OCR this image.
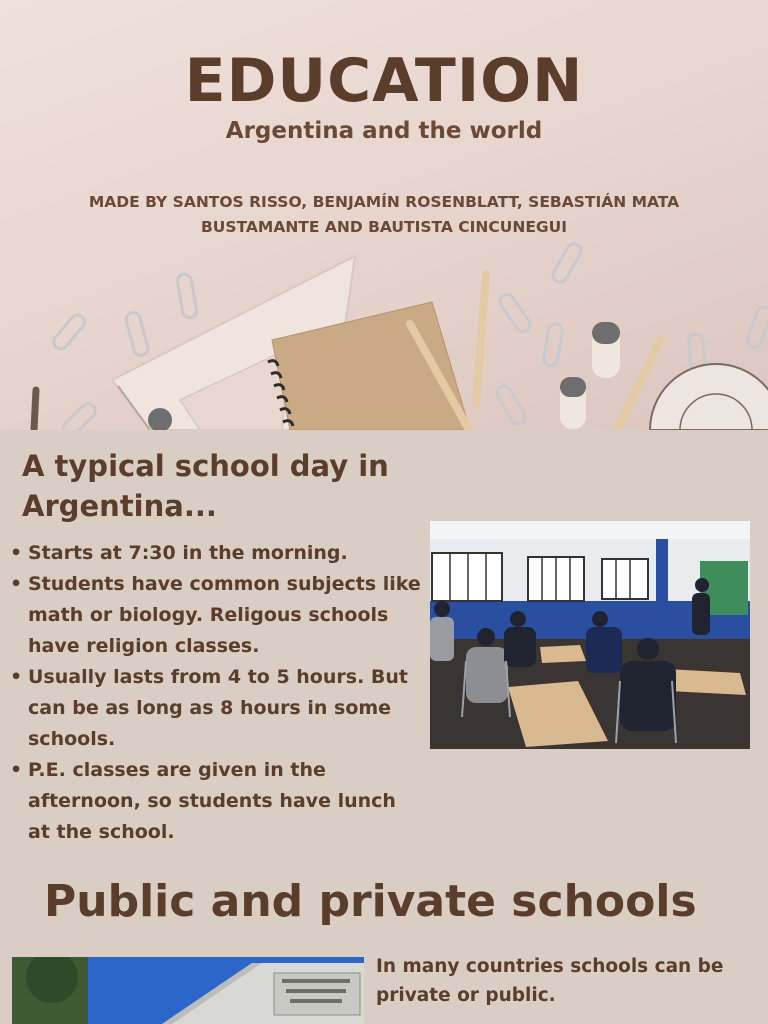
EDUCATION
Argentina and the world
MADE BY SANTOS RISSO, BENJAMÍN ROSENBLATT, SEBASTIÁN MATA BUSTAMANTE AND BAUTISTA CINCUNEGUI
A typical school day in Argentina...
• Starts at 7:30 in the morning.
• Students have common subjects like math or biology. Religous schools have religion classes.
• Usually lasts from 4 to 5 hours. But can be as long as 8 hours in some schools.
• P.E. classes are given in the afternoon, so students have lunch at the school.
Public and private schools
In many countries schools can be private or public.
